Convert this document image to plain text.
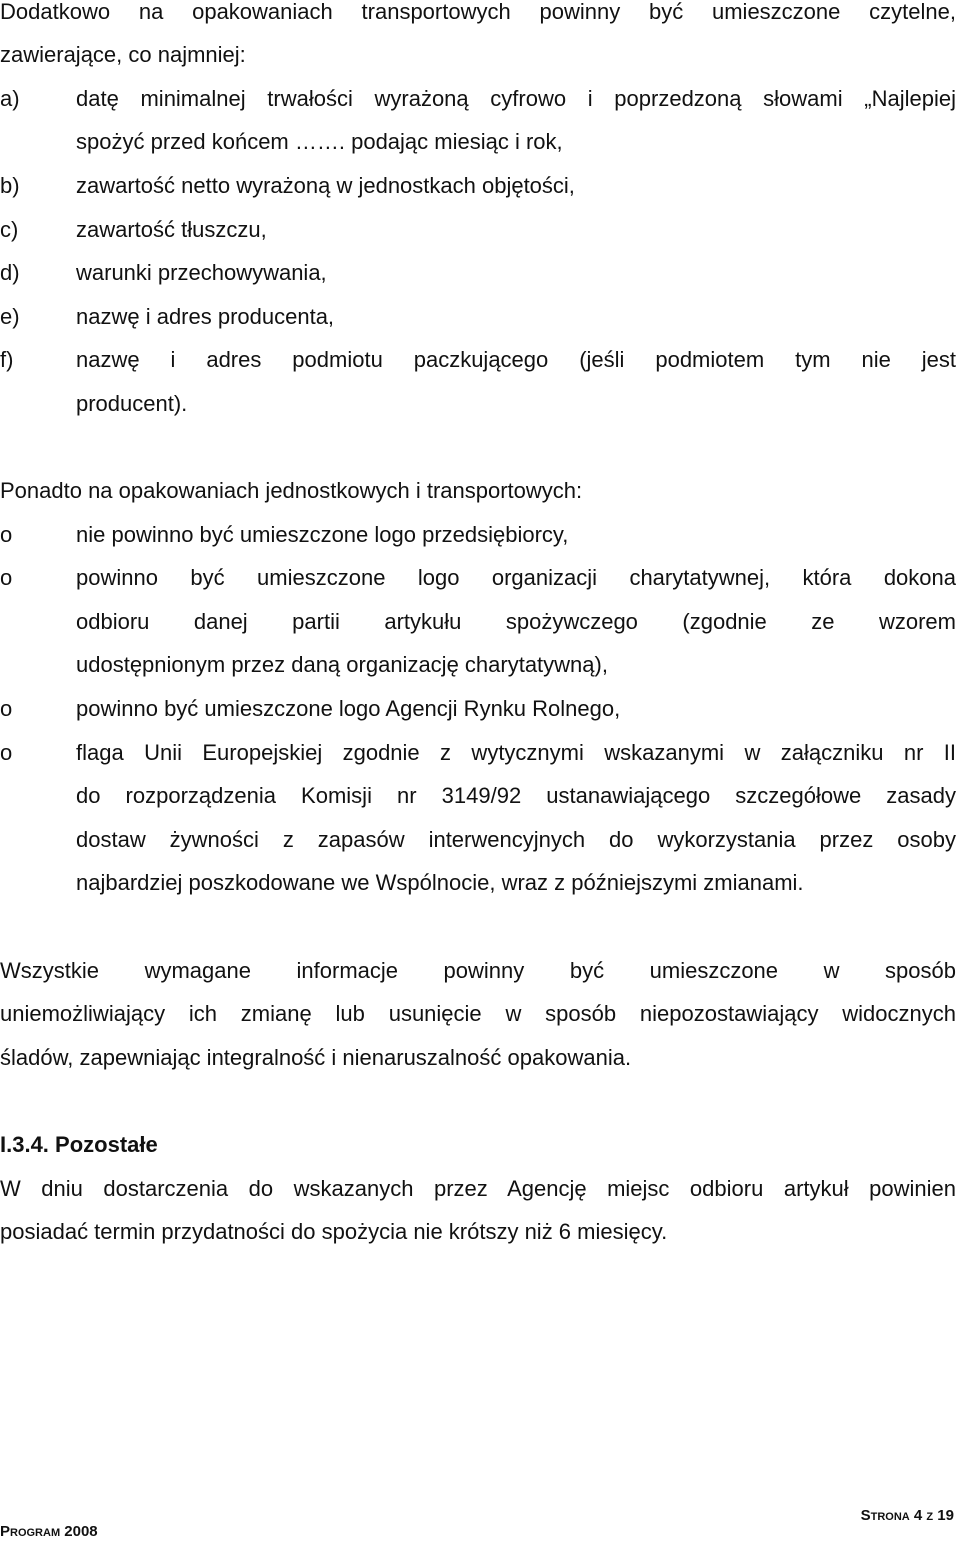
Dodatkowo na opakowaniach transportowych powinny być umieszczone czytelne,
zawierające, co najmniej:
a)	datę minimalnej trwałości wyrażoną cyfrowo i poprzedzoną słowami „Najlepiej
spożyć przed końcem ……. podając miesiąc i rok,
b)	zawartość netto wyrażoną w jednostkach objętości,
c)	zawartość tłuszczu,
d)	warunki przechowywania,
e)	nazwę i adres producenta,
f)	nazwę i adres podmiotu paczkującego (jeśli podmiotem tym nie jest
producent).
Ponadto na opakowaniach jednostkowych i transportowych:
o	nie powinno być umieszczone logo przedsiębiorcy,
o	powinno być umieszczone logo organizacji charytatywnej, która dokona
odbioru danej partii artykułu spożywczego (zgodnie ze wzorem
udostępnionym przez daną organizację charytatywną),
o	powinno być umieszczone logo Agencji Rynku Rolnego,
o	flaga Unii Europejskiej zgodnie z wytycznymi wskazanymi w załączniku nr II
do rozporządzenia Komisji nr 3149/92 ustanawiającego szczegółowe zasady
dostaw żywności z zapasów interwencyjnych do wykorzystania przez osoby
najbardziej poszkodowane we Wspólnocie, wraz z późniejszymi zmianami.
Wszystkie wymagane informacje powinny być umieszczone w sposób
uniemożliwiający ich zmianę lub usunięcie w sposób niepozostawiający widocznych
śladów, zapewniając integralność i nienaruszalność opakowania.
I.3.4. Pozostałe
W dniu dostarczenia do wskazanych przez Agencję miejsc odbioru artykuł powinien
posiadać termin przydatności do spożycia nie krótszy niż 6 miesięcy.
Strona 4 z 19
Program 2008
